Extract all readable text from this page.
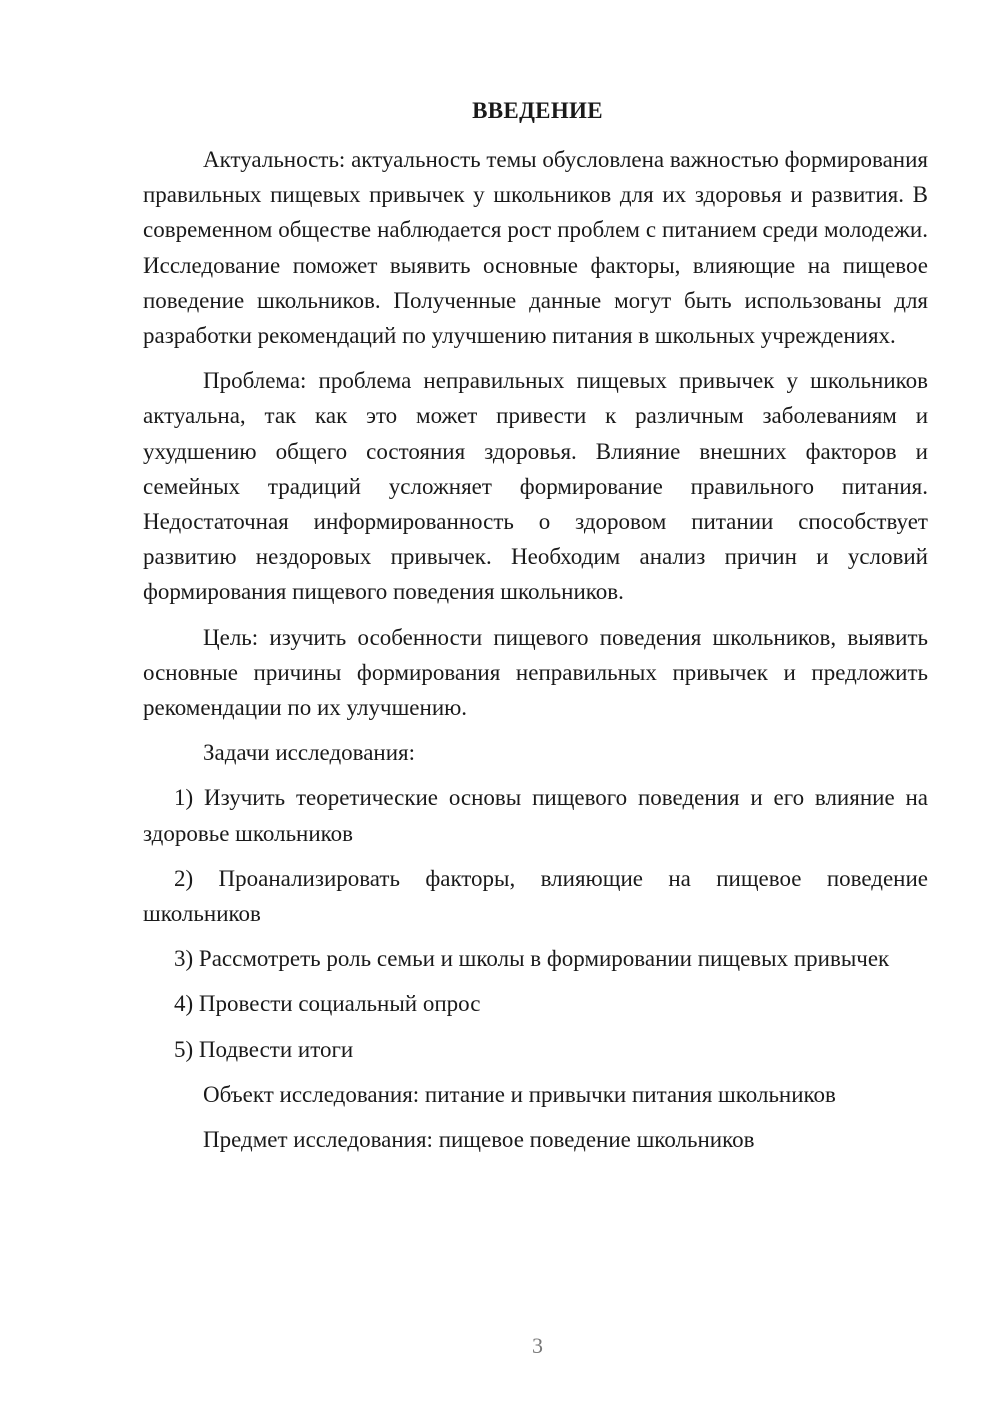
ВВЕДЕНИЕ

Актуальность: актуальность темы обусловлена важностью формирования правильных пищевых привычек у школьников для их здоровья и развития. В современном обществе наблюдается рост проблем с питанием среди молодежи. Исследование поможет выявить основные факторы, влияющие на пищевое поведение школьников. Полученные данные могут быть использованы для разработки рекомендаций по улучшению питания в школьных учреждениях.

Проблема: проблема неправильных пищевых привычек у школьников актуальна, так как это может привести к различным заболеваниям и ухудшению общего состояния здоровья. Влияние внешних факторов и семейных традиций усложняет формирование правильного питания. Недостаточная информированность о здоровом питании способствует развитию нездоровых привычек. Необходим анализ причин и условий формирования пищевого поведения школьников.

Цель: изучить особенности пищевого поведения школьников, выявить основные причины формирования неправильных привычек и предложить рекомендации по их улучшению.

Задачи исследования:

1) Изучить теоретические основы пищевого поведения и его влияние на здоровье школьников

2) Проанализировать факторы, влияющие на пищевое поведение школьников

3) Рассмотреть роль семьи и школы в формировании пищевых привычек

4) Провести социальный опрос

5) Подвести итоги

Объект исследования: питание и привычки питания школьников

Предмет исследования: пищевое поведение школьников

3
